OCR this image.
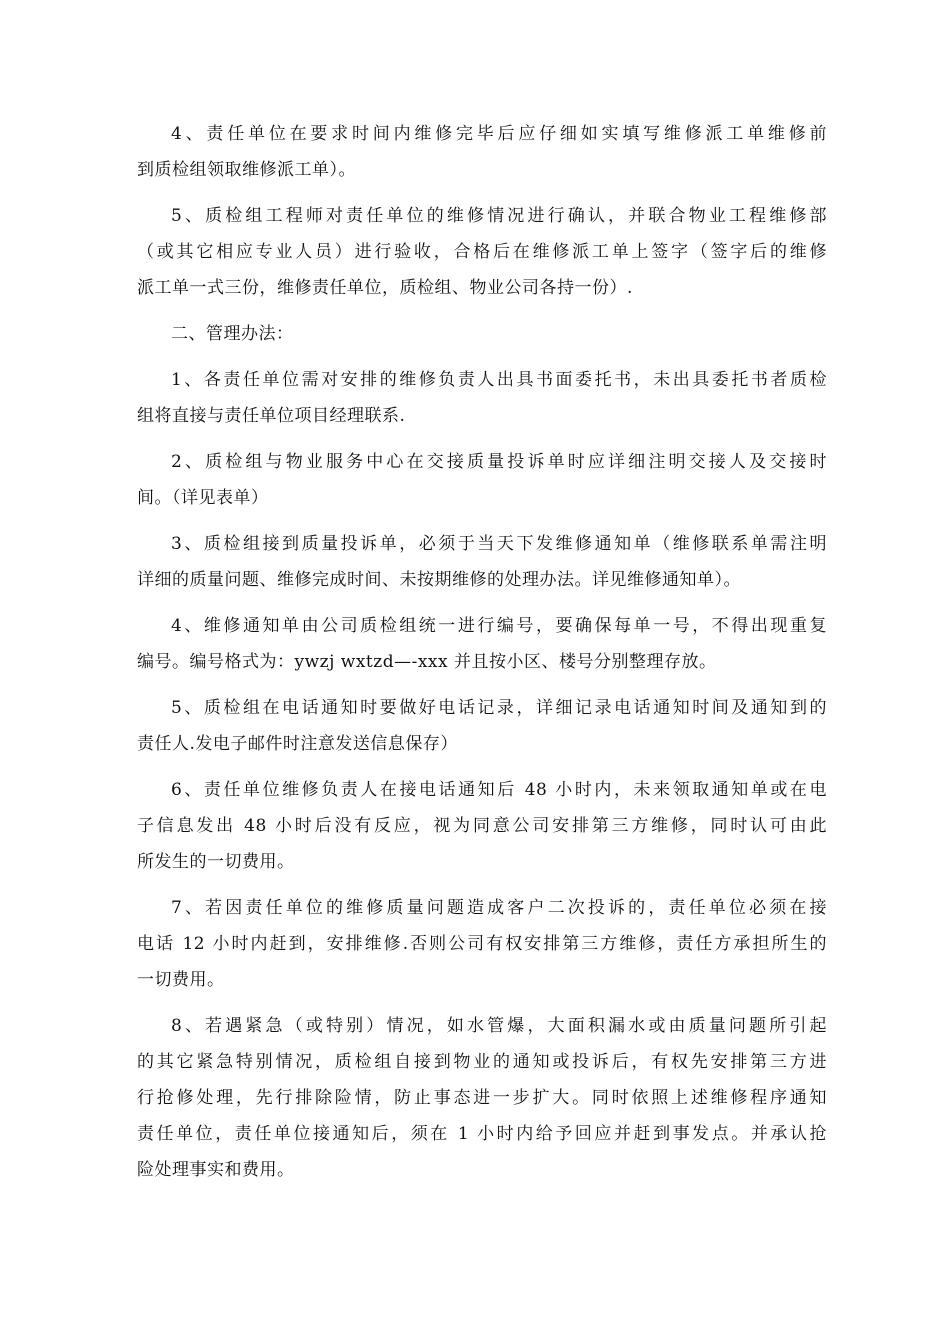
4、责任单位在要求时间内维修完毕后应仔细如实填写维修派工单维修前
到质检组领取维修派工单）。

5、质检组工程师对责任单位的维修情况进行确认，并联合物业工程维修部
（或其它相应专业人员）进行验收，合格后在维修派工单上签字（签字后的维修
派工单一式三份，维修责任单位，质检组、物业公司各持一份）.

二、管理办法：

1、各责任单位需对安排的维修负责人出具书面委托书，未出具委托书者质检
组将直接与责任单位项目经理联系.

2、质检组与物业服务中心在交接质量投诉单时应详细注明交接人及交接时
间。（详见表单）

3、质检组接到质量投诉单，必须于当天下发维修通知单（维修联系单需注明
详细的质量问题、维修完成时间、未按期维修的处理办法。详见维修通知单）。

4、维修通知单由公司质检组统一进行编号，要确保每单一号，不得出现重复
编号。编号格式为：ywzj wxtzd—-xxx 并且按小区、楼号分别整理存放。

5、质检组在电话通知时要做好电话记录，详细记录电话通知时间及通知到的
责任人.发电子邮件时注意发送信息保存）

6、责任单位维修负责人在接电话通知后 48 小时内，未来领取通知单或在电
子信息发出 48 小时后没有反应，视为同意公司安排第三方维修，同时认可由此
所发生的一切费用。

7、若因责任单位的维修质量问题造成客户二次投诉的，责任单位必须在接
电话 12 小时内赶到，安排维修.否则公司有权安排第三方维修，责任方承担所生的
一切费用。

8、若遇紧急（或特别）情况，如水管爆，大面积漏水或由质量问题所引起
的其它紧急特别情况，质检组自接到物业的通知或投诉后，有权先安排第三方进
行抢修处理，先行排除险情，防止事态进一步扩大。同时依照上述维修程序通知
责任单位，责任单位接通知后，须在 1 小时内给予回应并赶到事发点。并承认抢
险处理事实和费用。
